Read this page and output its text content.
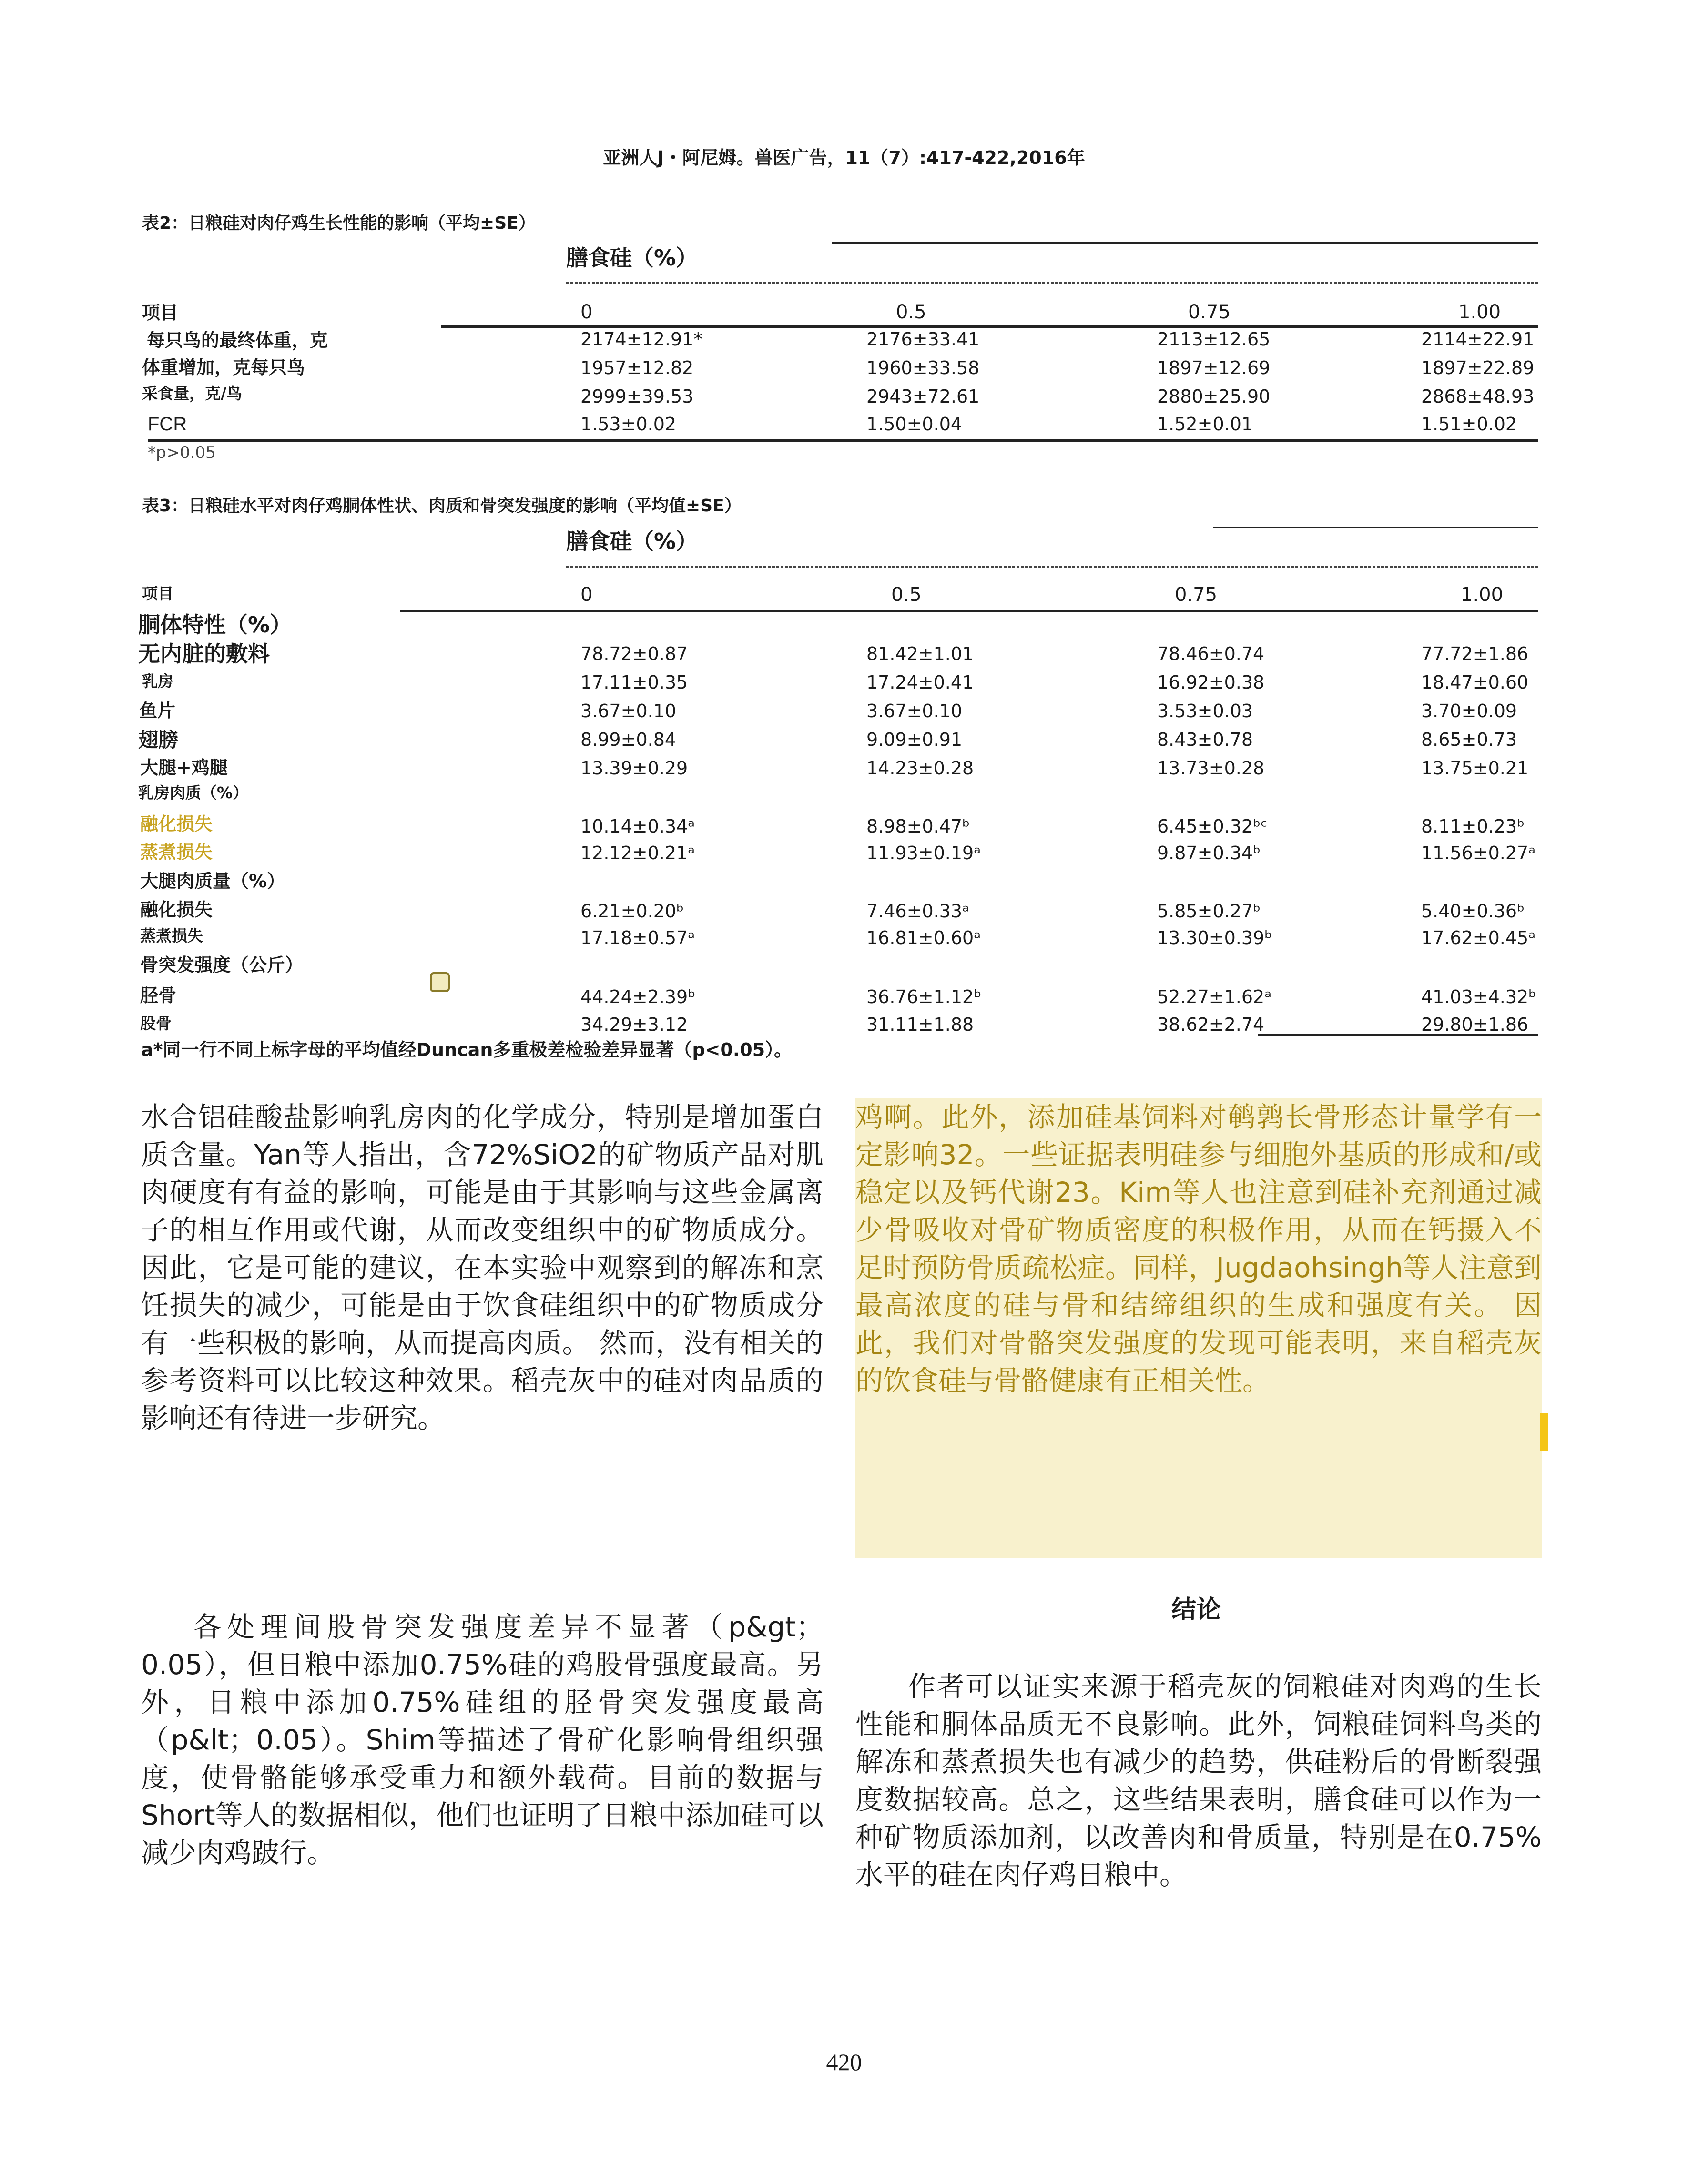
亚洲人J・阿尼姆。兽医广告，11（7）:417-422,2016年
表2：日粮硅对肉仔鸡生长性能的影响（平均±SE）
膳食硅（%）
项目	0	0.5	0.75	1.00
每只鸟的最终体重，克	2174±12.91*	2176±33.41	2113±12.65	2114±22.91
体重增加，克每只鸟	1957±12.82	1960±33.58	1897±12.69	1897±22.89
采食量，克/鸟	2999±39.53	2943±72.61	2880±25.90	2868±48.93
FCR	1.53±0.02	1.50±0.04	1.52±0.01	1.51±0.02
*p>0.05
表3：日粮硅水平对肉仔鸡胴体性状、肉质和骨突发强度的影响（平均值±SE）
膳食硅（%）
项目	0	0.5	0.75	1.00
胴体特性（%）
无内脏的敷料	78.72±0.87	81.42±1.01	78.46±0.74	77.72±1.86
乳房	17.11±0.35	17.24±0.41	16.92±0.38	18.47±0.60
鱼片	3.67±0.10	3.67±0.10	3.53±0.03	3.70±0.09
翅膀	8.99±0.84	9.09±0.91	8.43±0.78	8.65±0.73
大腿+鸡腿	13.39±0.29	14.23±0.28	13.73±0.28	13.75±0.21
乳房肉质（%）
融化损失	10.14±0.34ᵃ	8.98±0.47ᵇ	6.45±0.32ᵇᶜ	8.11±0.23ᵇ
蒸煮损失	12.12±0.21ᵃ	11.93±0.19ᵃ	9.87±0.34ᵇ	11.56±0.27ᵃ
大腿肉质量（%）
融化损失	6.21±0.20ᵇ	7.46±0.33ᵃ	5.85±0.27ᵇ	5.40±0.36ᵇ
蒸煮损失	17.18±0.57ᵃ	16.81±0.60ᵃ	13.30±0.39ᵇ	17.62±0.45ᵃ
骨突发强度（公斤）
胫骨	44.24±2.39ᵇ	36.76±1.12ᵇ	52.27±1.62ᵃ	41.03±4.32ᵇ
股骨	34.29±3.12	31.11±1.88	38.62±2.74	29.80±1.86
a*同一行不同上标字母的平均值经Duncan多重极差检验差异显著（p<0.05）。
水合铝硅酸盐影响乳房肉的化学成分，特别是增加蛋白质含量。Yan等人指出，含72%SiO2的矿物质产品对肌肉硬度有有益的影响，可能是由于其影响与这些金属离子的相互作用或代谢，从而改变组织中的矿物质成分。因此，它是可能的建议，在本实验中观察到的解冻和烹饪损失的减少，可能是由于饮食硅组织中的矿物质成分有一些积极的影响，从而提高肉质。 然而，没有相关的参考资料可以比较这种效果。稻壳灰中的硅对肉品质的影响还有待进一步研究。
鸡啊。此外，添加硅基饲料对鹌鹑长骨形态计量学有一定影响32。一些证据表明硅参与细胞外基质的形成和/或稳定以及钙代谢23。Kim等人也注意到硅补充剂通过减少骨吸收对骨矿物质密度的积极作用，从而在钙摄入不足时预防骨质疏松症。同样，Jugdaohsingh等人注意到最高浓度的硅与骨和结缔组织的生成和强度有关。 因此，我们对骨骼突发强度的发现可能表明，来自稻壳灰的饮食硅与骨骼健康有正相关性。
各处理间股骨突发强度差异不显著（p&gt；0.05），但日粮中添加0.75%硅的鸡股骨强度最高。另外，日粮中添加0.75%硅组的胫骨突发强度最高（p&lt；0.05）。Shim等描述了骨矿化影响骨组织强度，使骨骼能够承受重力和额外载荷。目前的数据与Short等人的数据相似，他们也证明了日粮中添加硅可以减少肉鸡跛行。
结论
作者可以证实来源于稻壳灰的饲粮硅对肉鸡的生长性能和胴体品质无不良影响。此外，饲粮硅饲料鸟类的解冻和蒸煮损失也有减少的趋势，供硅粉后的骨断裂强度数据较高。总之，这些结果表明，膳食硅可以作为一种矿物质添加剂，以改善肉和骨质量，特别是在0.75%水平的硅在肉仔鸡日粮中。
420
